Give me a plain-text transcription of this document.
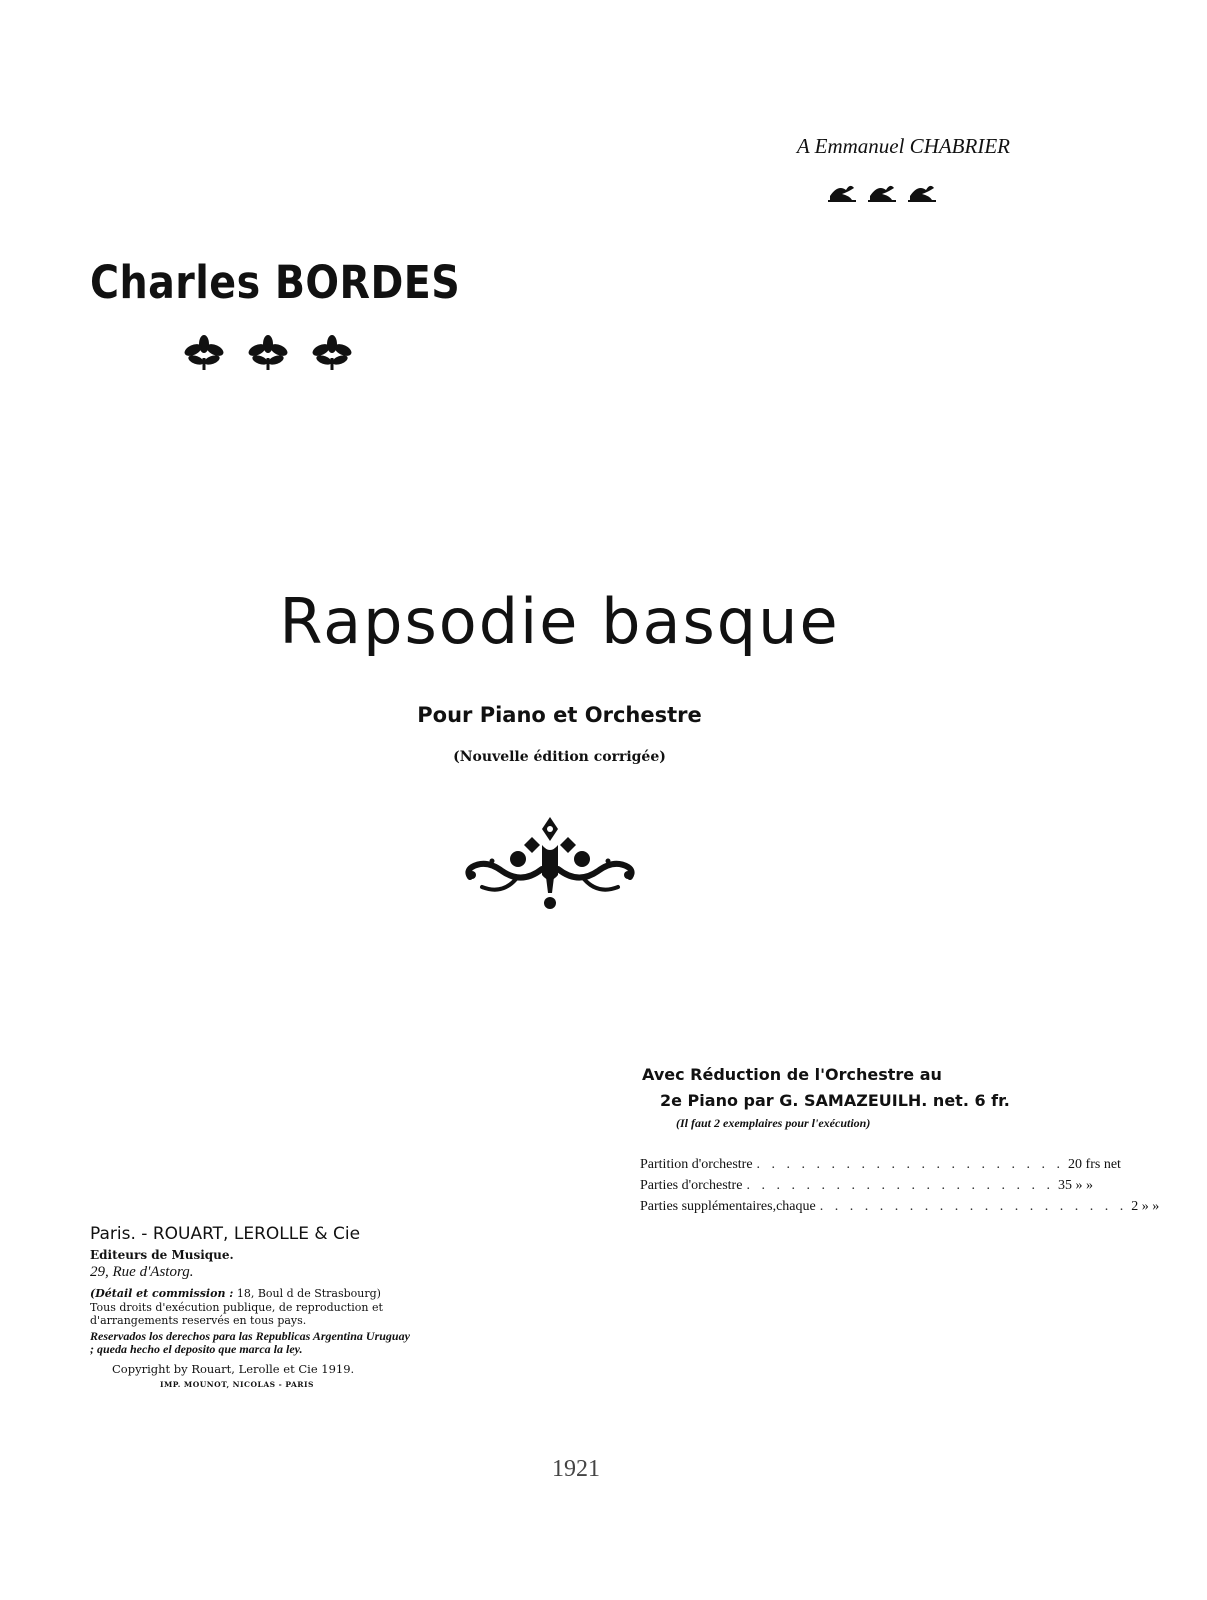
A Emmanuel CHABRIER
Charles BORDES
Rapsodie basque
Pour Piano et Orchestre
(Nouvelle édition corrigée)
Avec Réduction de l'Orchestre au
2e Piano par G. SAMAZEUILH. net. 6 fr.
(Il faut 2 exemplaires pour l'exécution)
Partition d'orchestre . . . . . . . . . . . . . . . . . . . . . 20 frs net
Parties d'orchestre . . . . . . . . . . . . . . . . . . . . . 35 » »
Parties supplémentaires,chaque . . . . . . . . . . . . . . . . . . . . . 2 » »
Paris. - ROUART, LEROLLE & Cie
Editeurs de Musique.
29, Rue d'Astorg.
(Détail et commission : 18, Boul d de Strasbourg)
Tous droits d'exécution publique, de reproduction et d'arrangements reservés en tous pays.
Reservados los derechos para las Republicas Argentina Uruguay ; queda hecho el deposito que marca la ley.
Copyright by Rouart, Lerolle et Cie 1919.
IMP. MOUNOT, NICOLAS - PARIS
1921
